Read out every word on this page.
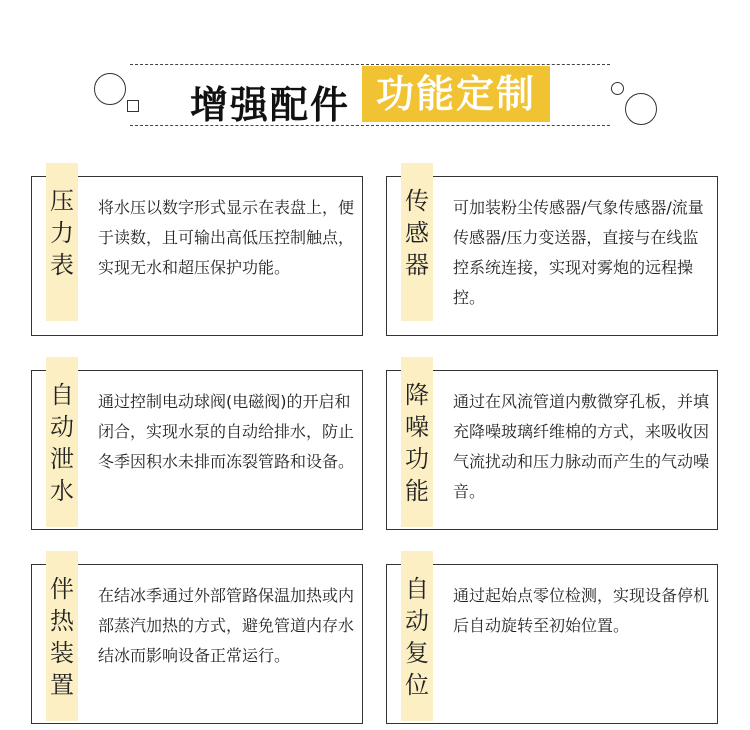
增强配件 功能定制
压
力
表
将水压以数字形式显示在表盘上，便于读数，且可输出高低压控制触点，实现无水和超压保护功能。
传
感
器
可加装粉尘传感器/气象传感器/流量传感器/压力变送器，直接与在线监控系统连接，实现对雾炮的远程操控。
自
动
泄
水
通过控制电动球阀(电磁阀)的开启和闭合，实现水泵的自动给排水，防止冬季因积水未排而冻裂管路和设备。
降
噪
功
能
通过在风流管道内敷微穿孔板，并填充降噪玻璃纤维棉的方式，来吸收因气流扰动和压力脉动而产生的气动噪音。
伴
热
装
置
在结冰季通过外部管路保温加热或内部蒸汽加热的方式，避免管道内存水结冰而影响设备正常运行。
自
动
复
位
通过起始点零位检测，实现设备停机后自动旋转至初始位置。
